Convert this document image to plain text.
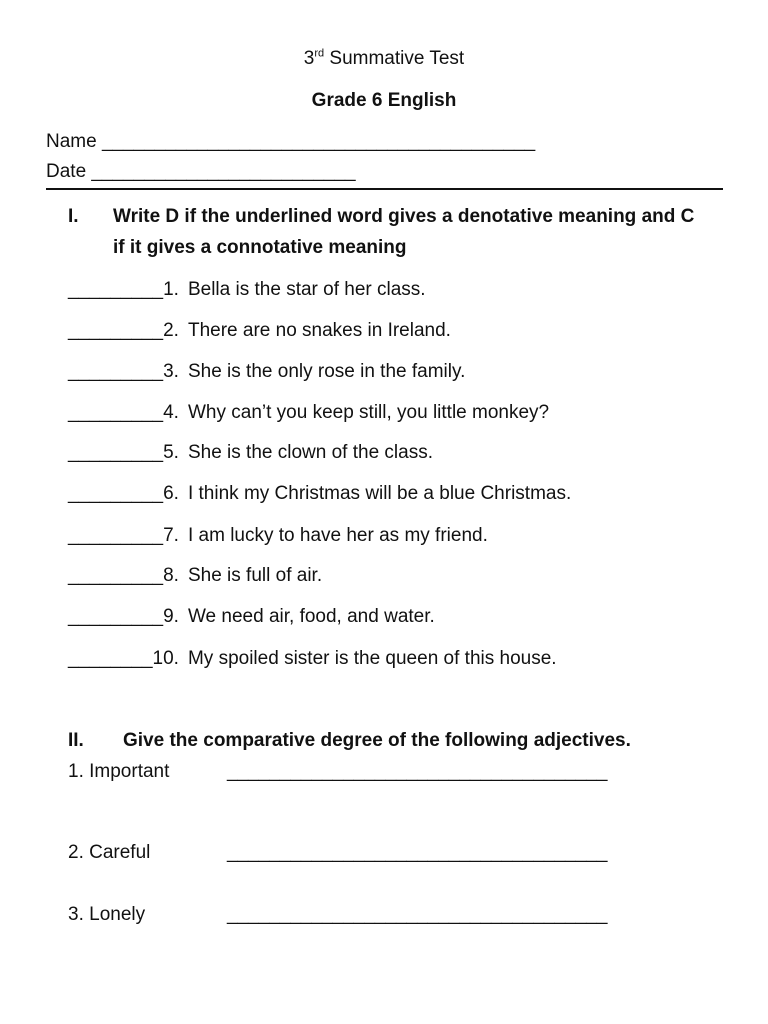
3rd Summative Test
Grade 6 English
Name _________________________________________
Date _________________________
I. Write D if the underlined word gives a denotative meaning and C
if it gives a connotative meaning
_________1. Bella is the star of her class.
_________2. There are no snakes in Ireland.
_________3. She is the only rose in the family.
_________4. Why can’t you keep still, you little monkey?
_________5. She is the clown of the class.
_________6. I think my Christmas will be a blue Christmas.
_________7. I am lucky to have her as my friend.
_________8. She is full of air.
_________9. We need air, food, and water.
________10. My spoiled sister is the queen of this house.
II. Give the comparative degree of the following adjectives.
1. Important	____________________________________
2. Careful	____________________________________
3. Lonely	____________________________________
